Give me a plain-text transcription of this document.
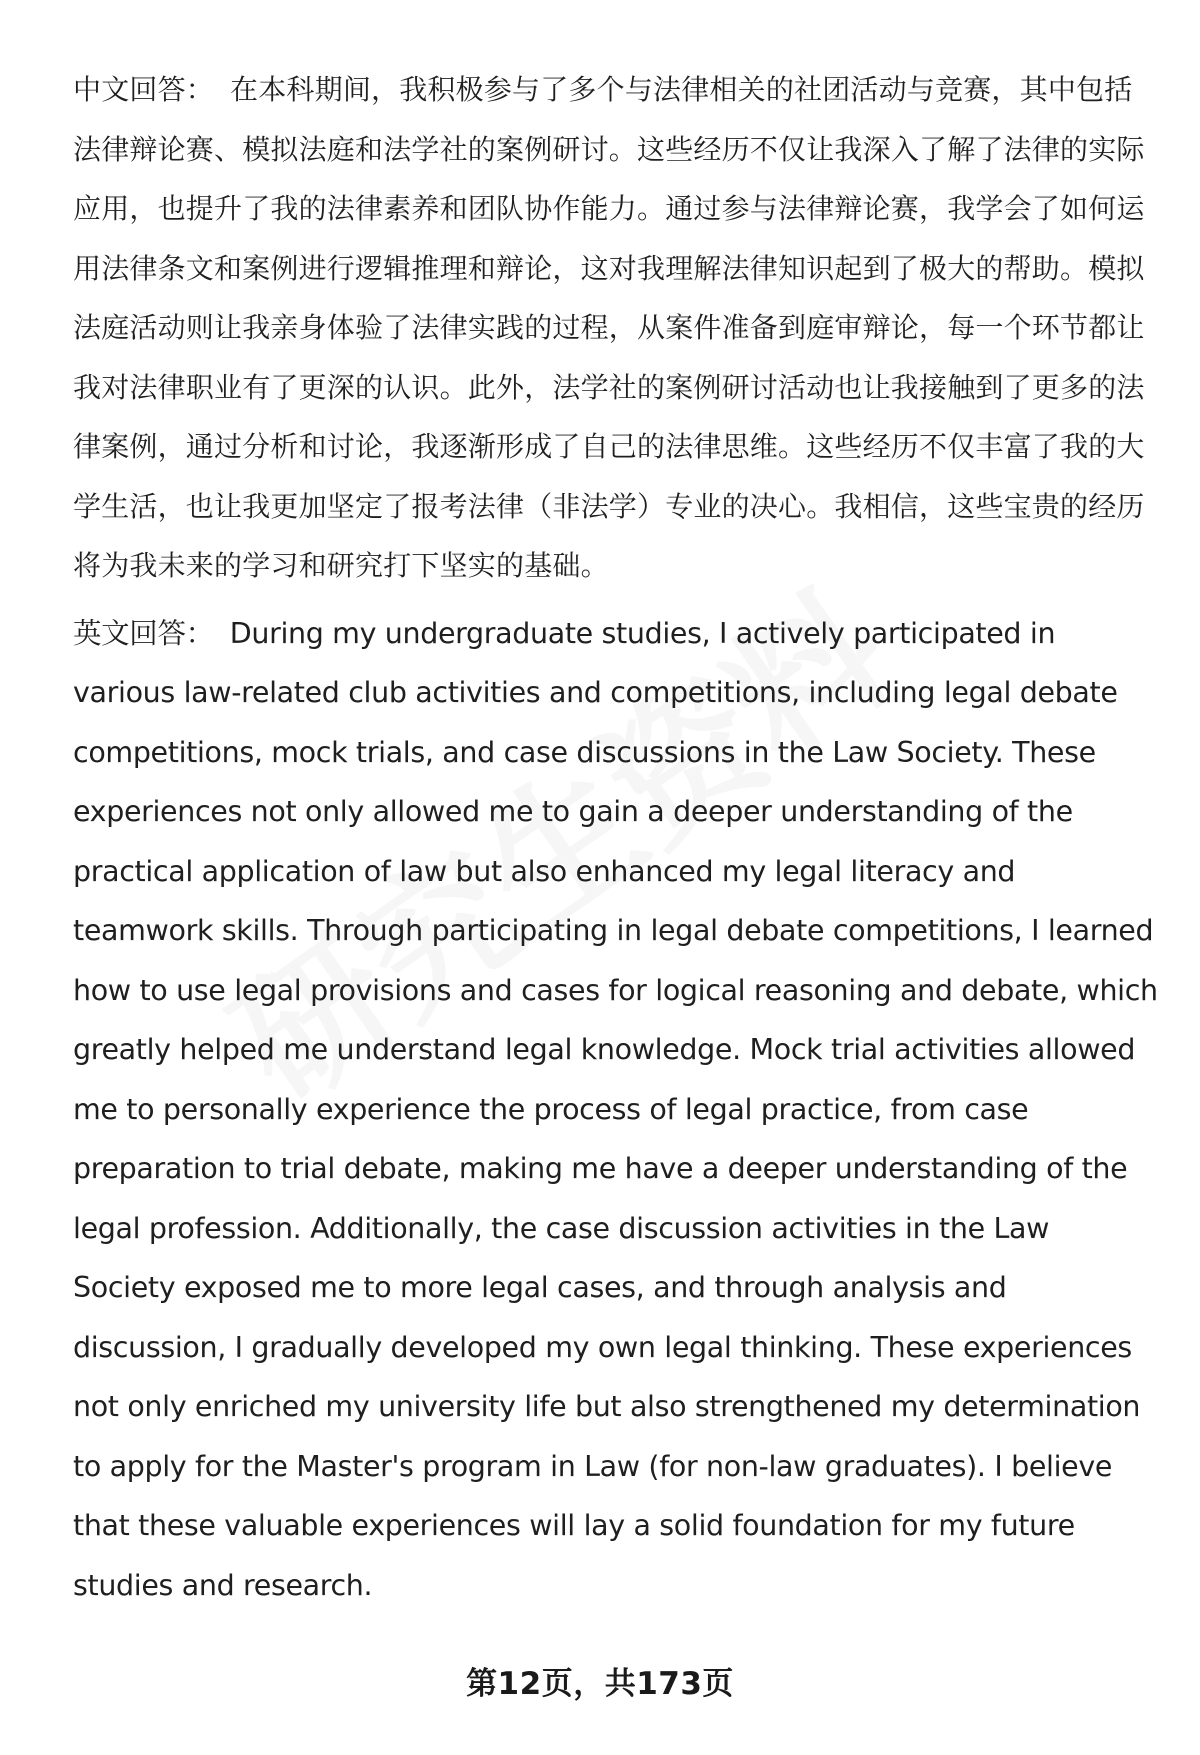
中文回答： 在本科期间，我积极参与了多个与法律相关的社团活动与竞赛，其中包括法律辩论赛、模拟法庭和法学社的案例研讨。这些经历不仅让我深入了解了法律的实际应用，也提升了我的法律素养和团队协作能力。通过参与法律辩论赛，我学会了如何运用法律条文和案例进行逻辑推理和辩论，这对我理解法律知识起到了极大的帮助。模拟法庭活动则让我亲身体验了法律实践的过程，从案件准备到庭审辩论，每一个环节都让我对法律职业有了更深的认识。此外，法学社的案例研讨活动也让我接触到了更多的法律案例，通过分析和讨论，我逐渐形成了自己的法律思维。这些经历不仅丰富了我的大学生活，也让我更加坚定了报考法律（非法学）专业的决心。我相信，这些宝贵的经历将为我未来的学习和研究打下坚实的基础。

英文回答： During my undergraduate studies, I actively participated in various law-related club activities and competitions, including legal debate competitions, mock trials, and case discussions in the Law Society. These experiences not only allowed me to gain a deeper understanding of the practical application of law but also enhanced my legal literacy and teamwork skills. Through participating in legal debate competitions, I learned how to use legal provisions and cases for logical reasoning and debate, which greatly helped me understand legal knowledge. Mock trial activities allowed me to personally experience the process of legal practice, from case preparation to trial debate, making me have a deeper understanding of the legal profession. Additionally, the case discussion activities in the Law Society exposed me to more legal cases, and through analysis and discussion, I gradually developed my own legal thinking. These experiences not only enriched my university life but also strengthened my determination to apply for the Master's program in Law (for non-law graduates). I believe that these valuable experiences will lay a solid foundation for my future studies and research.

第12页，共173页
